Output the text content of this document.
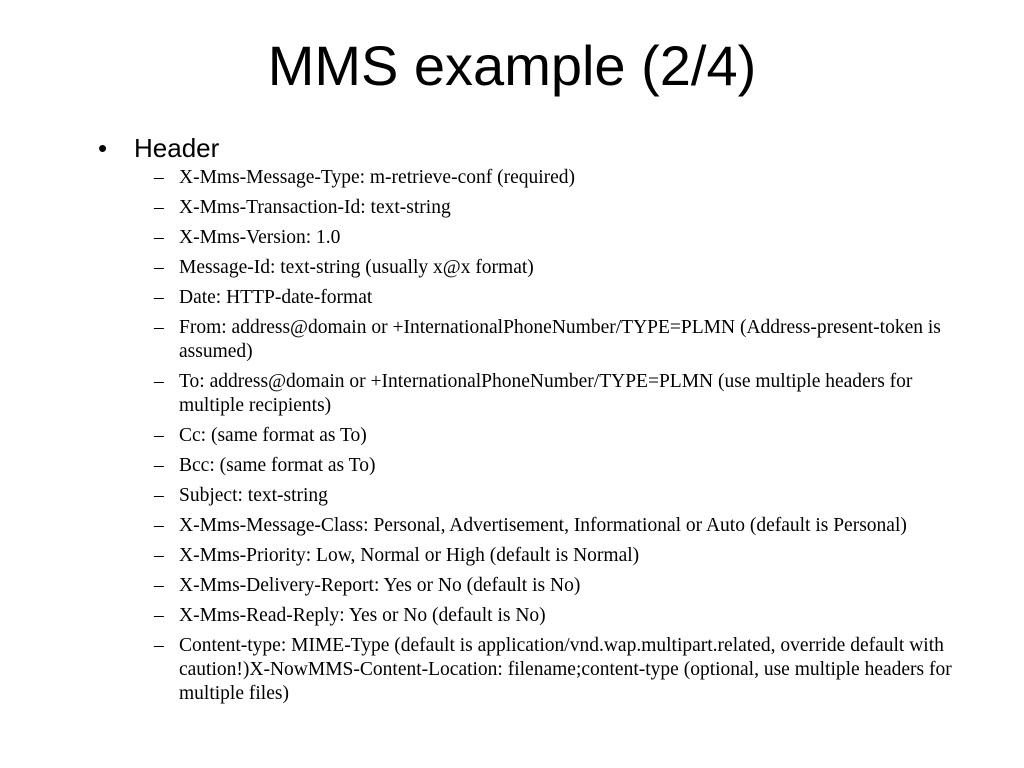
MMS example (2/4)
• Header
– X-Mms-Message-Type: m-retrieve-conf (required)
– X-Mms-Transaction-Id: text-string
– X-Mms-Version: 1.0
– Message-Id: text-string (usually x@x format)
– Date: HTTP-date-format
– From: address@domain or +InternationalPhoneNumber/TYPE=PLMN (Address-present-token is assumed)
– To: address@domain or +InternationalPhoneNumber/TYPE=PLMN (use multiple headers for multiple recipients)
– Cc: (same format as To)
– Bcc: (same format as To)
– Subject: text-string
– X-Mms-Message-Class: Personal, Advertisement, Informational or Auto (default is Personal)
– X-Mms-Priority: Low, Normal or High (default is Normal)
– X-Mms-Delivery-Report: Yes or No (default is No)
– X-Mms-Read-Reply: Yes or No (default is No)
– Content-type: MIME-Type (default is application/vnd.wap.multipart.related, override default with caution!)X-NowMMS-Content-Location: filename;content-type (optional, use multiple headers for multiple files)
